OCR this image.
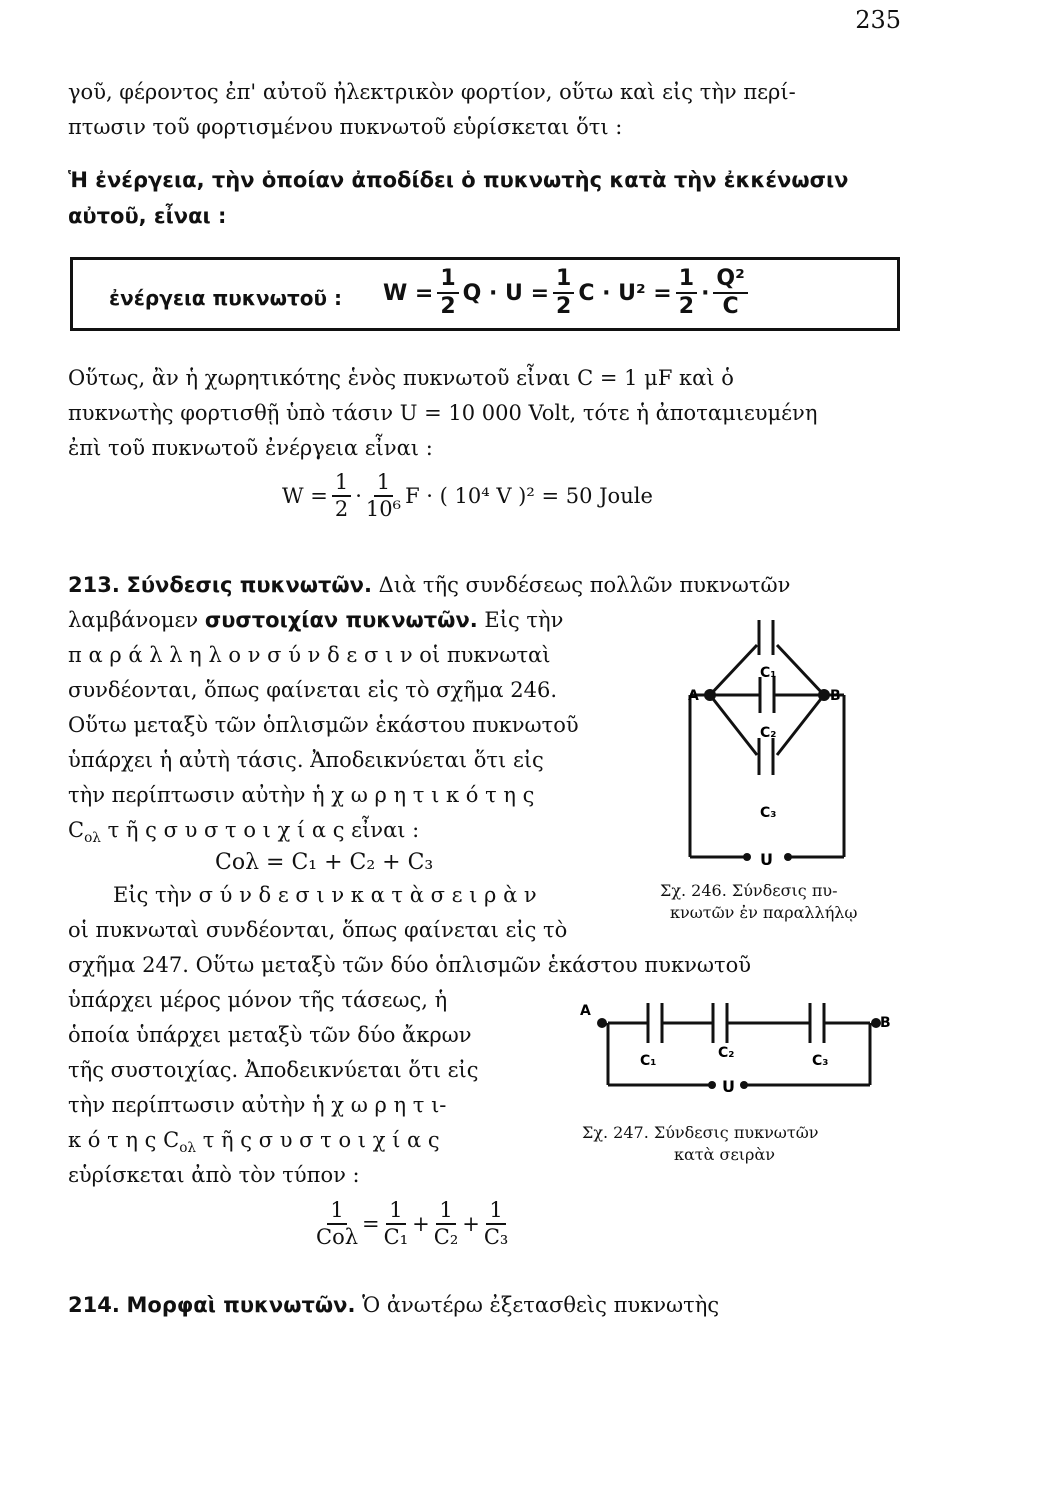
235
γοῦ, φέροντος ἐπ' αὐτοῦ ἠλεκτρικὸν φορτίον, οὕτω καὶ εἰς τὴν περί-
πτωσιν τοῦ φορτισμένου πυκνωτοῦ εὑρίσκεται ὅτι :
Ἡ ἐνέργεια, τὴν ὁποίαν ἀποδίδει ὁ πυκνωτὴς κατὰ τὴν ἐκκένωσιν
αὐτοῦ, εἶναι :
ἐνέργεια πυκνωτοῦ : $W = \frac{1}{2}$ $Q \cdot U = \frac{1}{2}$ $C \cdot U^2 = \frac{1}{2} \cdot \frac{\text{Q²}}{C}$
Οὕτως, ἂν ἡ χωρητικότης ἑνὸς πυκνωτοῦ εἶναι C = 1 μF καὶ ὁ
πυκνωτὴς φορτισθῇ ὑπὸ τάσιν U = 10 000 Volt, τότε ἡ ἀποταμιευμένη
ἐπὶ τοῦ πυκνωτοῦ ἐνέργεια εἶναι :
$W = \frac{1}{2} \cdot \frac{1}{\text{10⁶}}$ F · ( 10⁴ V )² = 50 Joule
213. Σύνδεσις πυκνωτῶν. Διὰ τῆς συνδέσεως πολλῶν πυκνωτῶν
λαμβάνομεν συστοιχίαν πυκνωτῶν. Εἰς τὴν
π α ρ ά λ λ η λ ο ν σ ύ ν δ ε σ ι ν οἱ πυκνωταὶ
συνδέονται, ὅπως φαίνεται εἰς τὸ σχῆμα 246.
Οὕτω μεταξὺ τῶν ὁπλισμῶν ἑκάστου πυκνωτοῦ
ὑπάρχει ἡ αὐτὴ τάσις. Ἀποδεικνύεται ὅτι εἰς
τὴν περίπτωσιν αὐτὴν ἡ χ ω ρ η τ ι κ ό τ η ς
$C_{o\lambda}$ τ ῆ ς σ υ σ τ ο ι χ ί α ς εἶναι :
Cολ = C₁ + C₂ + C₃
Εἰς τὴν σ ύ ν δ ε σ ι ν κ α τ ὰ σ ε ι ρ ὰ ν
οἱ πυκνωταὶ συνδέονται, ὅπως φαίνεται εἰς τὸ
σχῆμα 247. Οὕτω μεταξὺ τῶν δύο ὁπλισμῶν ἑκάστου πυκνωτοῦ
ὑπάρχει μέρος μόνον τῆς τάσεως, ἡ
ὁποία ὑπάρχει μεταξὺ τῶν δύο ἄκρων
τῆς συστοιχίας. Ἀποδεικνύεται ὅτι εἰς
τὴν περίπτωσιν αὐτὴν ἡ χ ω ρ η τ ι-
κ ό τ η ς $C_{o\lambda}$ τ ῆ ς σ υ σ τ ο ι χ ί α ς
εὑρίσκεται ἀπὸ τὸν τύπον :
$\frac{1}{\text{Cολ}} = \frac{1}{\text{C₁}} + \frac{1}{\text{C₂}} + \frac{1}{\text{C₃}}$
214. Μορφαὶ πυκνωτῶν. Ὁ ἀνωτέρω ἐξετασθεὶς πυκνωτὴς
A	B
C₁
C₂
C₃
U
Σχ. 246. Σύνδεσις πυ-
κνωτῶν ἐν παραλλήλῳ
A
B
C₁	C₂	C₃
U
Σχ. 247. Σύνδεσις πυκνωτῶν
κατὰ σειρὰν
